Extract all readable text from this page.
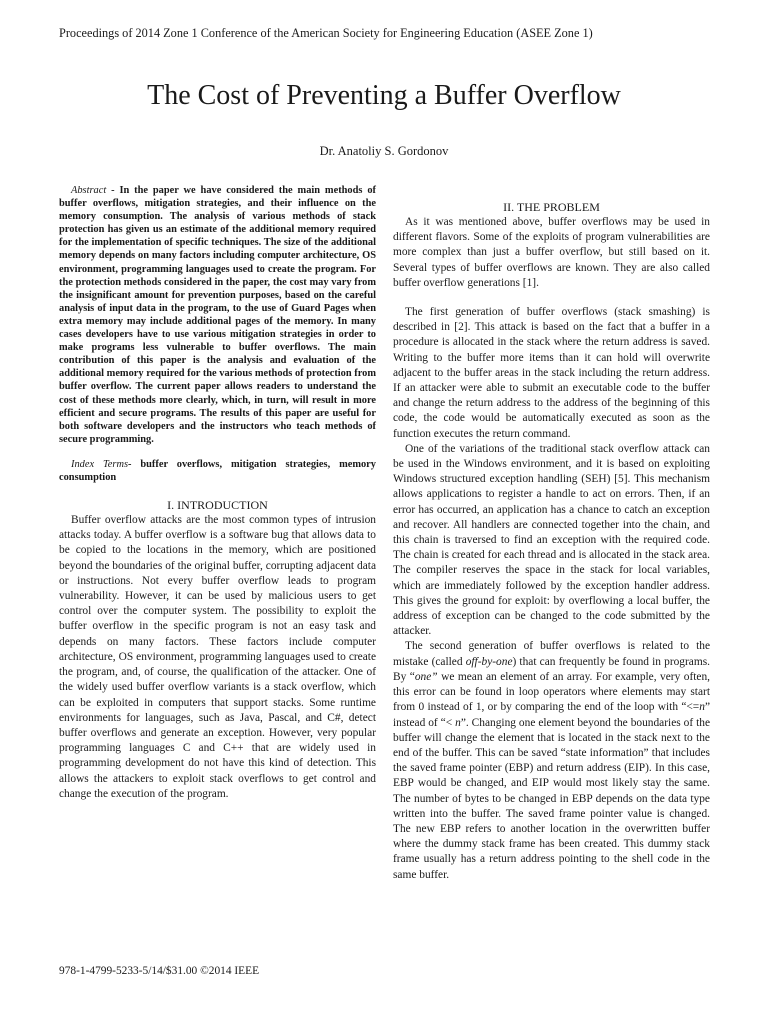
Proceedings of 2014 Zone 1 Conference of the American Society for Engineering Education (ASEE Zone 1)
The Cost of Preventing a Buffer Overflow
Dr. Anatoliy S. Gordonov

Abstract - In the paper we have considered the main methods of buffer overflows, mitigation strategies, and their influence on the memory consumption. The analysis of various methods of stack protection has given us an estimate of the additional memory required for the implementation of specific techniques. The size of the additional memory depends on many factors including computer architecture, OS environment, programming languages used to create the program. For the protection methods considered in the paper, the cost may vary from the insignificant amount for prevention purposes, based on the careful analysis of input data in the program, to the use of Guard Pages when extra memory may include additional pages of the memory. In many cases developers have to use various mitigation strategies in order to make programs less vulnerable to buffer overflows. The main contribution of this paper is the analysis and evaluation of the additional memory required for the various methods of protection from buffer overflow. The current paper allows readers to understand the cost of these methods more clearly, which, in turn, will result in more efficient and secure programs. The results of this paper are useful for both software developers and the instructors who teach methods of secure programming.

Index Terms- buffer overflows, mitigation strategies, memory consumption

I. INTRODUCTION

Buffer overflow attacks are the most common types of intrusion attacks today. A buffer overflow is a software bug that allows data to be copied to the locations in the memory, which are positioned beyond the boundaries of the original buffer, corrupting adjacent data or instructions. Not every buffer overflow leads to program vulnerability. However, it can be used by malicious users to get control over the computer system. The possibility to exploit the buffer overflow in the specific program is not an easy task and depends on many factors. These factors include computer architecture, OS environment, programming languages used to create the program, and, of course, the qualification of the attacker. One of the widely used buffer overflow variants is a stack overflow, which can be exploited in computers that support stacks. Some runtime environments for languages, such as Java, Pascal, and C#, detect buffer overflows and generate an exception. However, very popular programming languages C and C++ that are widely used in programming development do not have this kind of detection. This allows the attackers to exploit stack overflows to get control and change the execution of the program.

II. THE PROBLEM

As it was mentioned above, buffer overflows may be used in different flavors. Some of the exploits of program vulnerabilities are more complex than just a buffer overflow, but still based on it. Several types of buffer overflows are known. They are also called buffer overflow generations [1].

The first generation of buffer overflows (stack smashing) is described in [2]. This attack is based on the fact that a buffer in a procedure is allocated in the stack where the return address is saved. Writing to the buffer more items than it can hold will overwrite adjacent to the buffer areas in the stack including the return address. If an attacker were able to submit an executable code to the buffer and change the return address to the address of the beginning of this code, the code would be automatically executed as soon as the function executes the return command.

One of the variations of the traditional stack overflow attack can be used in the Windows environment, and it is based on exploiting Windows structured exception handling (SEH) [5]. This mechanism allows applications to register a handle to act on errors. Then, if an error has occurred, an application has a chance to catch an exception and recover. All handlers are connected together into the chain, and this chain is traversed to find an exception with the required code. The chain is created for each thread and is allocated in the stack area. The compiler reserves the space in the stack for local variables, which are immediately followed by the exception handler address. This gives the ground for exploit: by overflowing a local buffer, the address of exception can be changed to the code submitted by the attacker.

The second generation of buffer overflows is related to the mistake (called off-by-one) that can frequently be found in programs. By “one” we mean an element of an array. For example, very often, this error can be found in loop operators where elements may start from 0 instead of 1, or by comparing the end of the loop with “<=n” instead of “< n”. Changing one element beyond the boundaries of the buffer will change the element that is located in the stack next to the end of the buffer. This can be saved “state information” that includes the saved frame pointer (EBP) and return address (EIP). In this case, EBP would be changed, and EIP would most likely stay the same. The number of bytes to be changed in EBP depends on the data type written into the buffer. The saved frame pointer value is changed. The new EBP refers to another location in the overwritten buffer where the dummy stack frame has been created. This dummy stack frame usually has a return address pointing to the shell code in the same buffer.

978-1-4799-5233-5/14/$31.00 ©2014 IEEE
